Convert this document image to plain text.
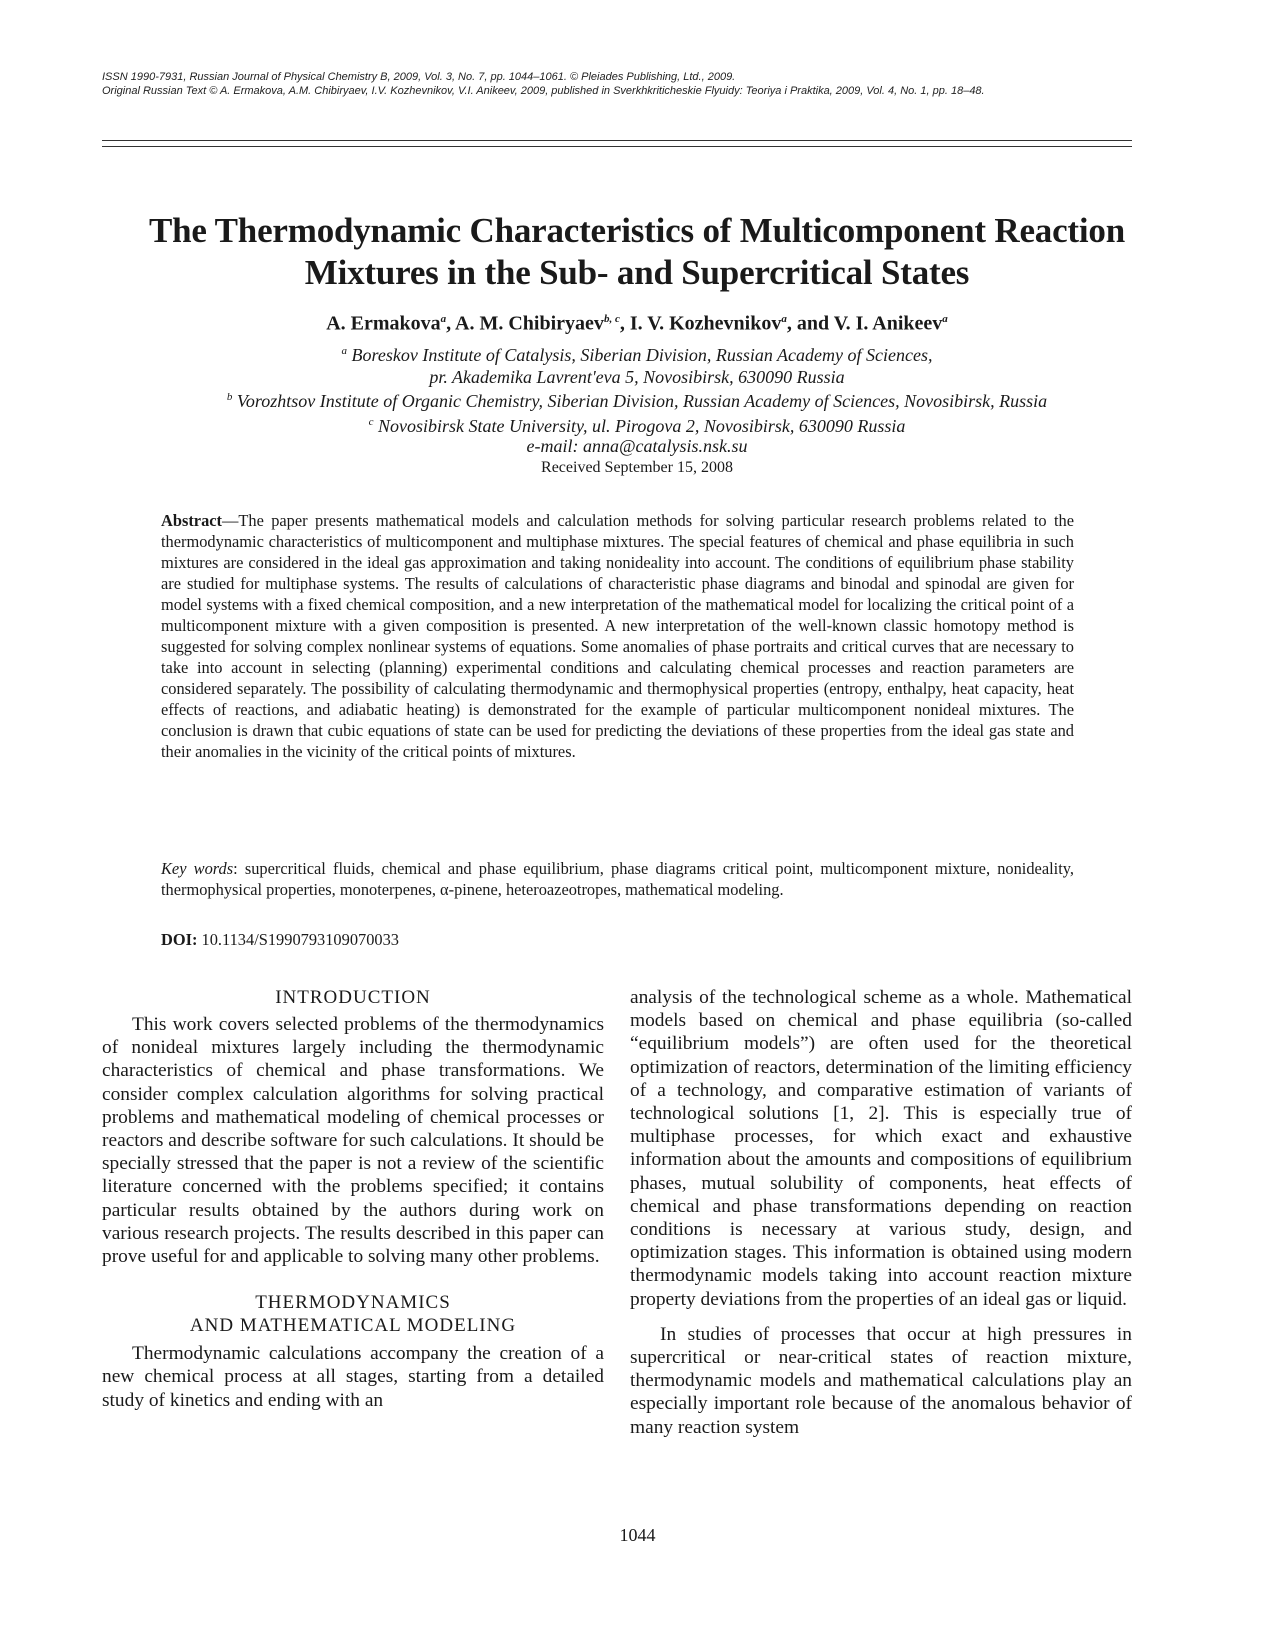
ISSN 1990-7931, Russian Journal of Physical Chemistry B, 2009, Vol. 3, No. 7, pp. 1044–1061. © Pleiades Publishing, Ltd., 2009.
Original Russian Text © A. Ermakova, A.M. Chibiryaev, I.V. Kozhevnikov, V.I. Anikeev, 2009, published in Sverkhkriticheskie Flyuidy: Teoriya i Praktika, 2009, Vol. 4, No. 1, pp. 18–48.
The Thermodynamic Characteristics of Multicomponent Reaction
Mixtures in the Sub- and Supercritical States
A. Ermakova$^a$, A. M. Chibiryaev$^{b, c}$, I. V. Kozhevnikov$^a$, and V. I. Anikeev$^a$
$^a$ Boreskov Institute of Catalysis, Siberian Division, Russian Academy of Sciences,
pr. Akademika Lavrent'eva 5, Novosibirsk, 630090 Russia
$^b$ Vorozhtsov Institute of Organic Chemistry, Siberian Division, Russian Academy of Sciences, Novosibirsk, Russia
$^c$ Novosibirsk State University, ul. Pirogova 2, Novosibirsk, 630090 Russia
e-mail: anna@catalysis.nsk.su
Received September 15, 2008
Abstract—The paper presents mathematical models and calculation methods for solving particular research problems related to the thermodynamic characteristics of multicomponent and multiphase mixtures. The special features of chemical and phase equilibria in such mixtures are considered in the ideal gas approximation and taking nonideality into account. The conditions of equilibrium phase stability are studied for multiphase systems. The results of calculations of characteristic phase diagrams and binodal and spinodal are given for model systems with a fixed chemical composition, and a new interpretation of the mathematical model for localizing the critical point of a multicomponent mixture with a given composition is presented. A new interpretation of the well-known classic homotopy method is suggested for solving complex nonlinear systems of equations. Some anomalies of phase portraits and critical curves that are necessary to take into account in selecting (planning) experimental conditions and calculating chemical processes and reaction parameters are considered separately. The possibility of calculating thermodynamic and thermophysical properties (entropy, enthalpy, heat capacity, heat effects of reactions, and adiabatic heating) is demonstrated for the example of particular multicomponent nonideal mixtures. The conclusion is drawn that cubic equations of state can be used for predicting the deviations of these properties from the ideal gas state and their anomalies in the vicinity of the critical points of mixtures.
Key words: supercritical fluids, chemical and phase equilibrium, phase diagrams critical point, multicomponent mixture, nonideality, thermophysical properties, monoterpenes, α-pinene, heteroazeotropes, mathematical modeling.
DOI: 10.1134/S1990793109070033

INTRODUCTION

This work covers selected problems of the thermodynamics of nonideal mixtures largely including the thermodynamic characteristics of chemical and phase transformations. We consider complex calculation algorithms for solving practical problems and mathematical modeling of chemical processes or reactors and describe software for such calculations. It should be specially stressed that the paper is not a review of the scientific literature concerned with the problems specified; it contains particular results obtained by the authors during work on various research projects. The results described in this paper can prove useful for and applicable to solving many other problems.

THERMODYNAMICS

AND MATHEMATICAL MODELING

Thermodynamic calculations accompany the creation of a new chemical process at all stages, starting from a detailed study of kinetics and ending with an

analysis of the technological scheme as a whole. Mathematical models based on chemical and phase equilibria (so-called “equilibrium models”) are often used for the theoretical optimization of reactors, determination of the limiting efficiency of a technology, and comparative estimation of variants of technological solutions [1, 2]. This is especially true of multiphase processes, for which exact and exhaustive information about the amounts and compositions of equilibrium phases, mutual solubility of components, heat effects of chemical and phase transformations depending on reaction conditions is necessary at various study, design, and optimization stages. This information is obtained using modern thermodynamic models taking into account reaction mixture property deviations from the properties of an ideal gas or liquid.

In studies of processes that occur at high pressures in supercritical or near-critical states of reaction mixture, thermodynamic models and mathematical calculations play an especially important role because of the anomalous behavior of many reaction system

1044
